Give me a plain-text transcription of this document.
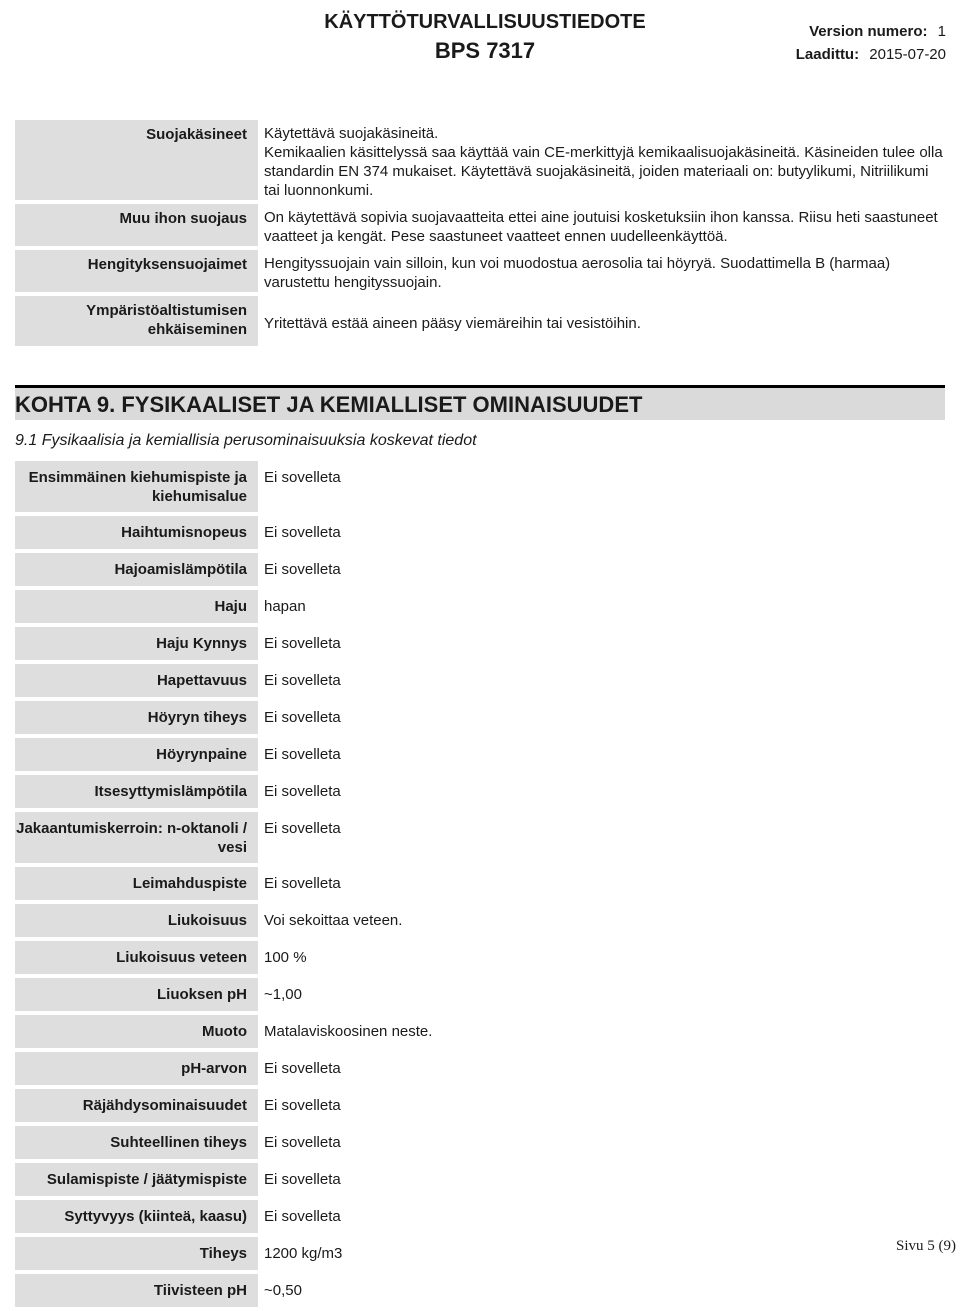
KÄYTTÖTURVALLISUUSTIEDOTE
BPS 7317
Version numero: 1
Laadittu: 2015-07-20
Suojakäsineet	Käytettävä suojakäsineitä.
Kemikaalien käsittelyssä saa käyttää vain CE-merkittyjä kemikaalisuojakäsineitä. Käsineiden tulee olla standardin EN 374 mukaiset. Käytettävä suojakäsineitä, joiden materiaali on: butyylikumi, Nitriilikumi tai luonnonkumi.

Muu ihon suojaus	On käytettävä sopivia suojavaatteita ettei aine joutuisi kosketuksiin ihon kanssa. Riisu heti saastuneet vaatteet ja kengät. Pese saastuneet vaatteet ennen uudelleenkäyttöä.
Hengityksensuojaimet	Hengityssuojain vain silloin, kun voi muodostua aerosolia tai höyryä. Suodattimella B (harmaa) varustettu hengityssuojain.
Ympäristöaltistumisen ehkäiseminen	Yritettävä estää aineen pääsy viemäreihin tai vesistöihin.
KOHTA 9. FYSIKAALISET JA KEMIALLISET OMINAISUUDET
9.1 Fysikaalisia ja kemiallisia perusominaisuuksia koskevat tiedot
Ensimmäinen kiehumispiste ja kiehumisalue	Ei sovelleta
Haihtumisnopeus	Ei sovelleta
Hajoamislämpötila	Ei sovelleta
Haju	hapan
Haju Kynnys	Ei sovelleta
Hapettavuus	Ei sovelleta
Höyryn tiheys	Ei sovelleta
Höyrynpaine	Ei sovelleta
Itsesyttymislämpötila	Ei sovelleta
Jakaantumiskerroin: n-oktanoli / vesi	Ei sovelleta
Leimahduspiste	Ei sovelleta
Liukoisuus	Voi sekoittaa veteen.
Liukoisuus veteen	100 %
Liuoksen pH	~1,00
Muoto	Matalaviskoosinen neste.
pH-arvon	Ei sovelleta
Räjähdysominaisuudet	Ei sovelleta
Suhteellinen tiheys	Ei sovelleta
Sulamispiste / jäätymispiste	Ei sovelleta
Syttyvyys (kiinteä, kaasu)	Ei sovelleta
Tiheys	1200 kg/m3
Tiivisteen pH	~0,50
Sivu 5 (9)
